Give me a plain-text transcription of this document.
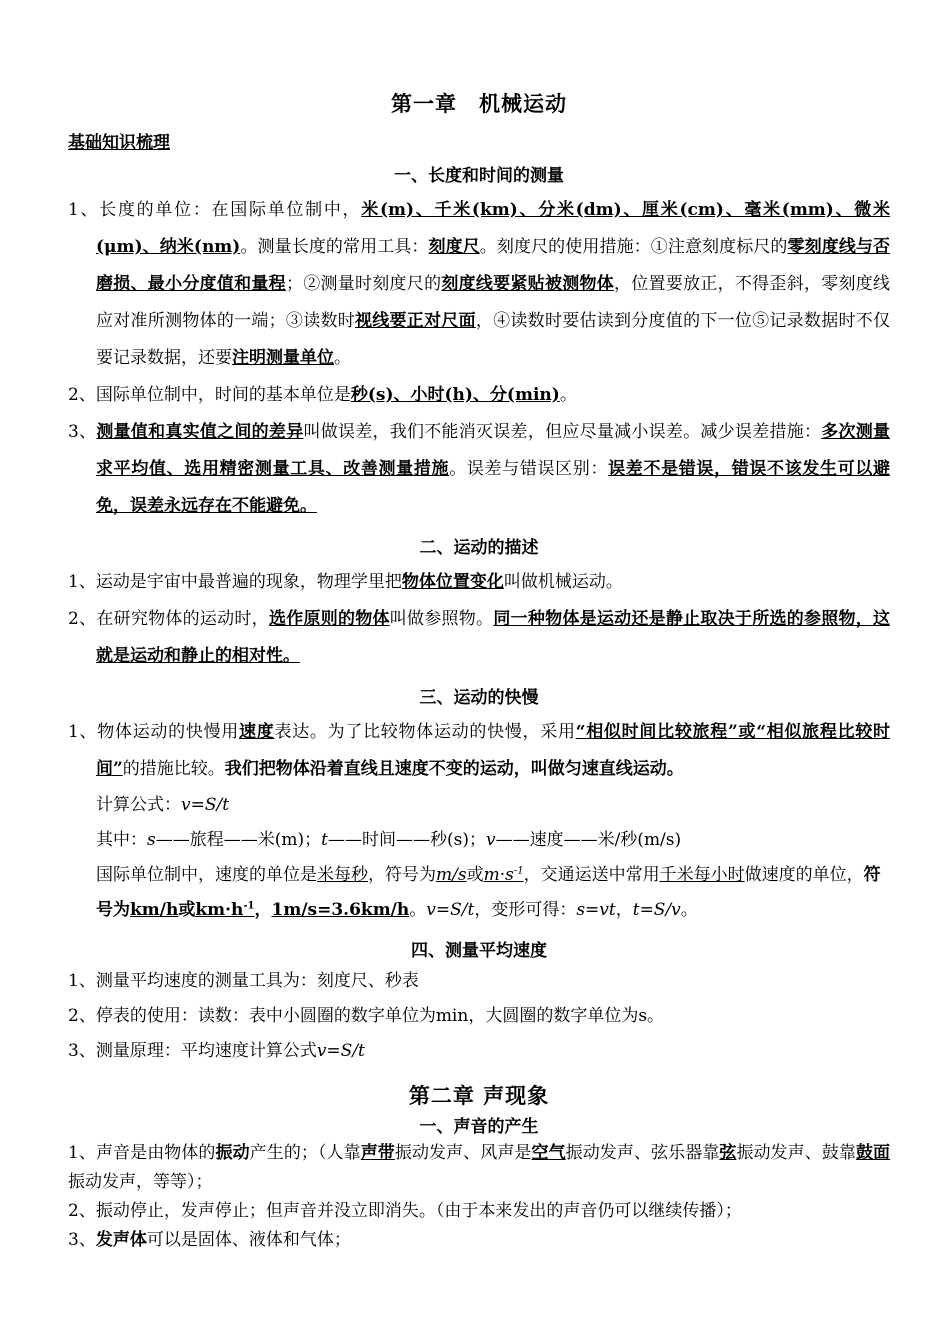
第一章　机械运动
基础知识梳理
一、长度和时间的测量
1、长度的单位：在国际单位制中，米(m)、千米(km)、分米(dm)、厘米(cm)、毫米(mm)、微米(μm)、纳米(nm)。测量长度的常用工具：刻度尺。刻度尺的使用措施：①注意刻度标尺的零刻度线与否磨损、最小分度值和量程；②测量时刻度尺的刻度线要紧贴被测物体，位置要放正，不得歪斜，零刻度线应对准所测物体的一端；③读数时视线要正对尺面，④读数时要估读到分度值的下一位⑤记录数据时不仅要记录数据，还要注明测量单位。
2、国际单位制中，时间的基本单位是秒(s)、小时(h)、分(min)。
3、测量值和真实值之间的差异叫做误差，我们不能消灭误差，但应尽量减小误差。减少误差措施：多次测量求平均值、选用精密测量工具、改善测量措施。误差与错误区别：误差不是错误，错误不该发生可以避免，误差永远存在不能避免。
二、运动的描述
1、运动是宇宙中最普遍的现象，物理学里把物体位置变化叫做机械运动。
2、在研究物体的运动时，选作原则的物体叫做参照物。同一种物体是运动还是静止取决于所选的参照物，这就是运动和静止的相对性。
三、运动的快慢
1、物体运动的快慢用速度表达。为了比较物体运动的快慢，采用“相似时间比较旅程”或“相似旅程比较时间”的措施比较。我们把物体沿着直线且速度不变的运动，叫做匀速直线运动。
计算公式：v=S/t
其中：s——旅程——米(m)；t——时间——秒(s)；v——速度——米/秒(m/s)
国际单位制中，速度的单位是米每秒，符号为m/s或$m\cdot s^{-1}$，交通运送中常用千米每小时做速度的单位，符号为km/h或$km\cdot h^{-1}$，1m/s=3.6km/h。v=S/t，变形可得：s=vt，t=S/v。
四、测量平均速度
1、测量平均速度的测量工具为：刻度尺、秒表
2、停表的使用：读数：表中小圆圈的数字单位为min，大圆圈的数字单位为s。
3、测量原理：平均速度计算公式v=S/t
第二章 声现象
一、声音的产生
1、声音是由物体的振动产生的；（人靠声带振动发声、风声是空气振动发声、弦乐器靠弦振动发声、鼓靠鼓面振动发声，等等）；
2、振动停止，发声停止；但声音并没立即消失。（由于本来发出的声音仍可以继续传播）；
3、发声体可以是固体、液体和气体；
